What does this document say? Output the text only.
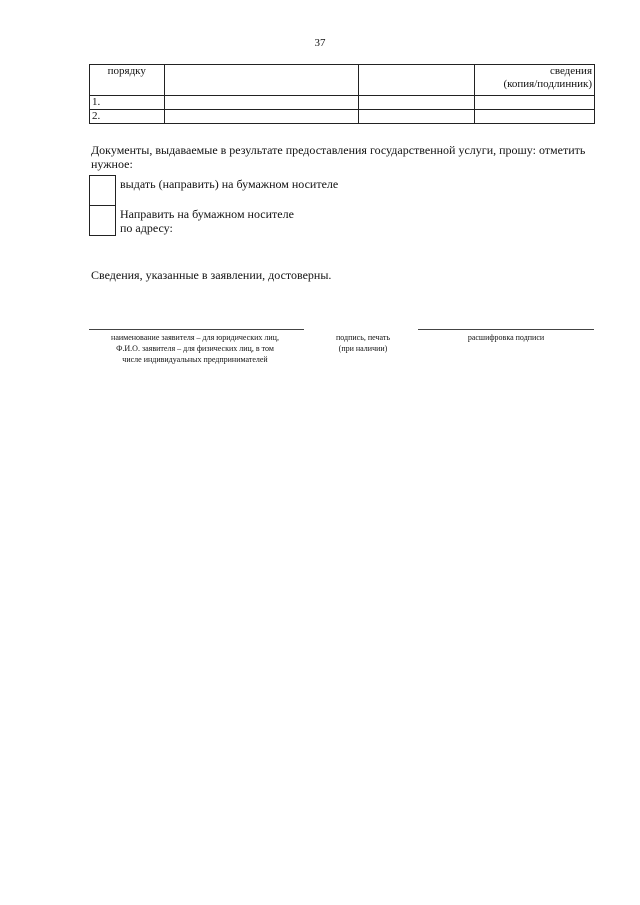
37
порядку			сведения
(копия/подлинник)
1.			
2.			
Документы, выдаваемые в результате предоставления государственной услуги, прошу: отметить нужное:
выдать (направить) на бумажном носителе
Направить на бумажном носителе
по адресу:
Сведения, указанные в заявлении, достоверны.
наименование заявителя – для юридических лиц,
Ф.И.О. заявителя – для физических лиц, в том
числе индивидуальных предпринимателей
подпись, печать
(при наличии)
расшифровка подписи
